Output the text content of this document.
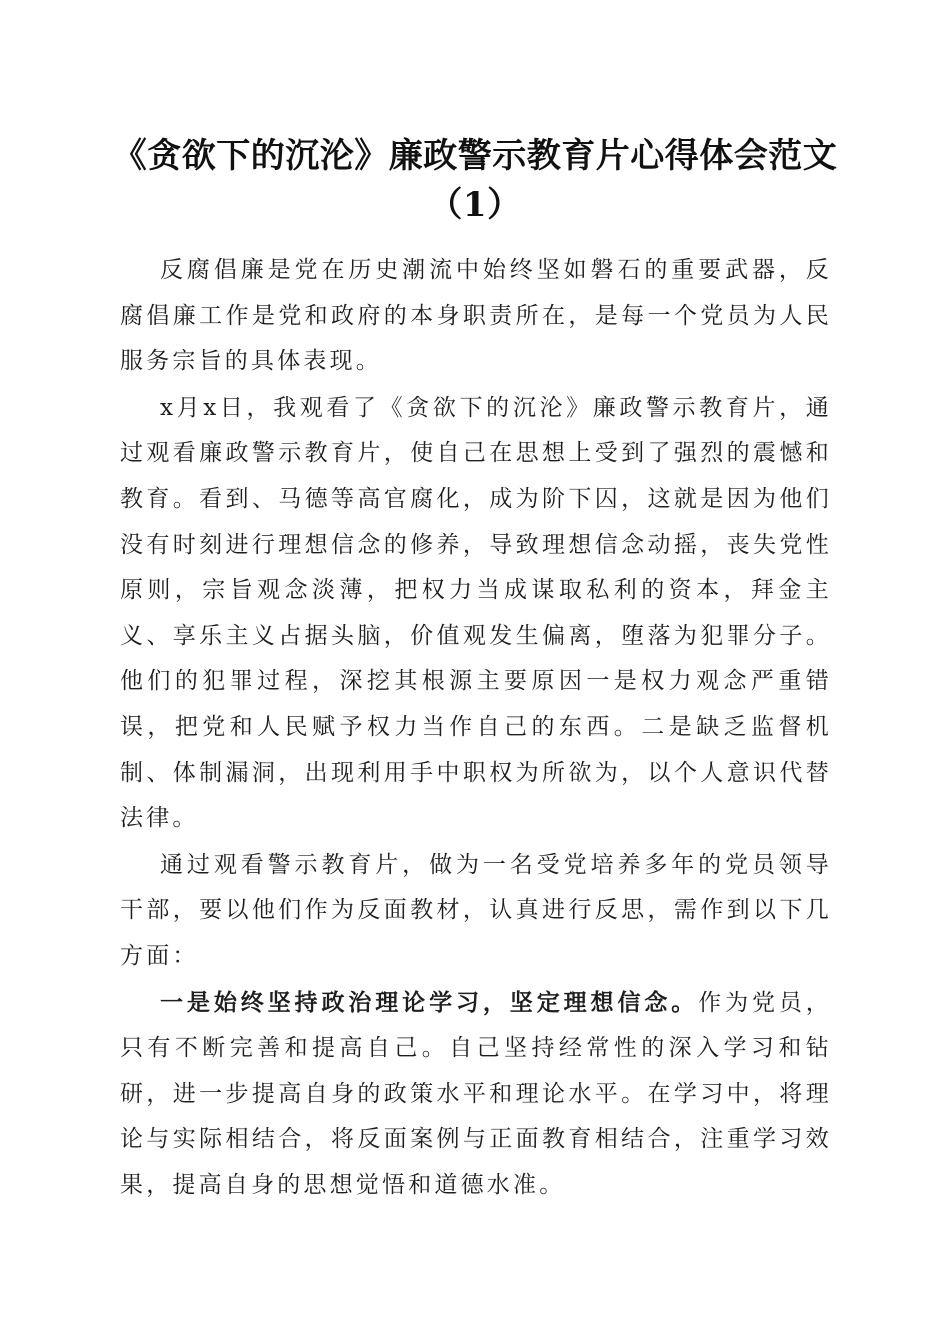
《贪欲下的沉沦》廉政警示教育片心得体会范文（1）

反腐倡廉是党在历史潮流中始终坚如磐石的重要武器，反腐倡廉工作是党和政府的本身职责所在，是每一个党员为人民服务宗旨的具体表现。

x月x日，我观看了《贪欲下的沉沦》廉政警示教育片，通过观看廉政警示教育片，使自己在思想上受到了强烈的震憾和教育。看到、马德等高官腐化，成为阶下囚，这就是因为他们没有时刻进行理想信念的修养，导致理想信念动摇，丧失党性原则，宗旨观念淡薄，把权力当成谋取私利的资本，拜金主义、享乐主义占据头脑，价值观发生偏离，堕落为犯罪分子。他们的犯罪过程，深挖其根源主要原因一是权力观念严重错误，把党和人民赋予权力当作自己的东西。二是缺乏监督机制、体制漏洞，出现利用手中职权为所欲为，以个人意识代替法律。

通过观看警示教育片，做为一名受党培养多年的党员领导干部，要以他们作为反面教材，认真进行反思，需作到以下几方面：

一是始终坚持政治理论学习，坚定理想信念。作为党员，只有不断完善和提高自己。自己坚持经常性的深入学习和钻研，进一步提高自身的政策水平和理论水平。在学习中，将理论与实际相结合，将反面案例与正面教育相结合，注重学习效果，提高自身的思想觉悟和道德水准。
